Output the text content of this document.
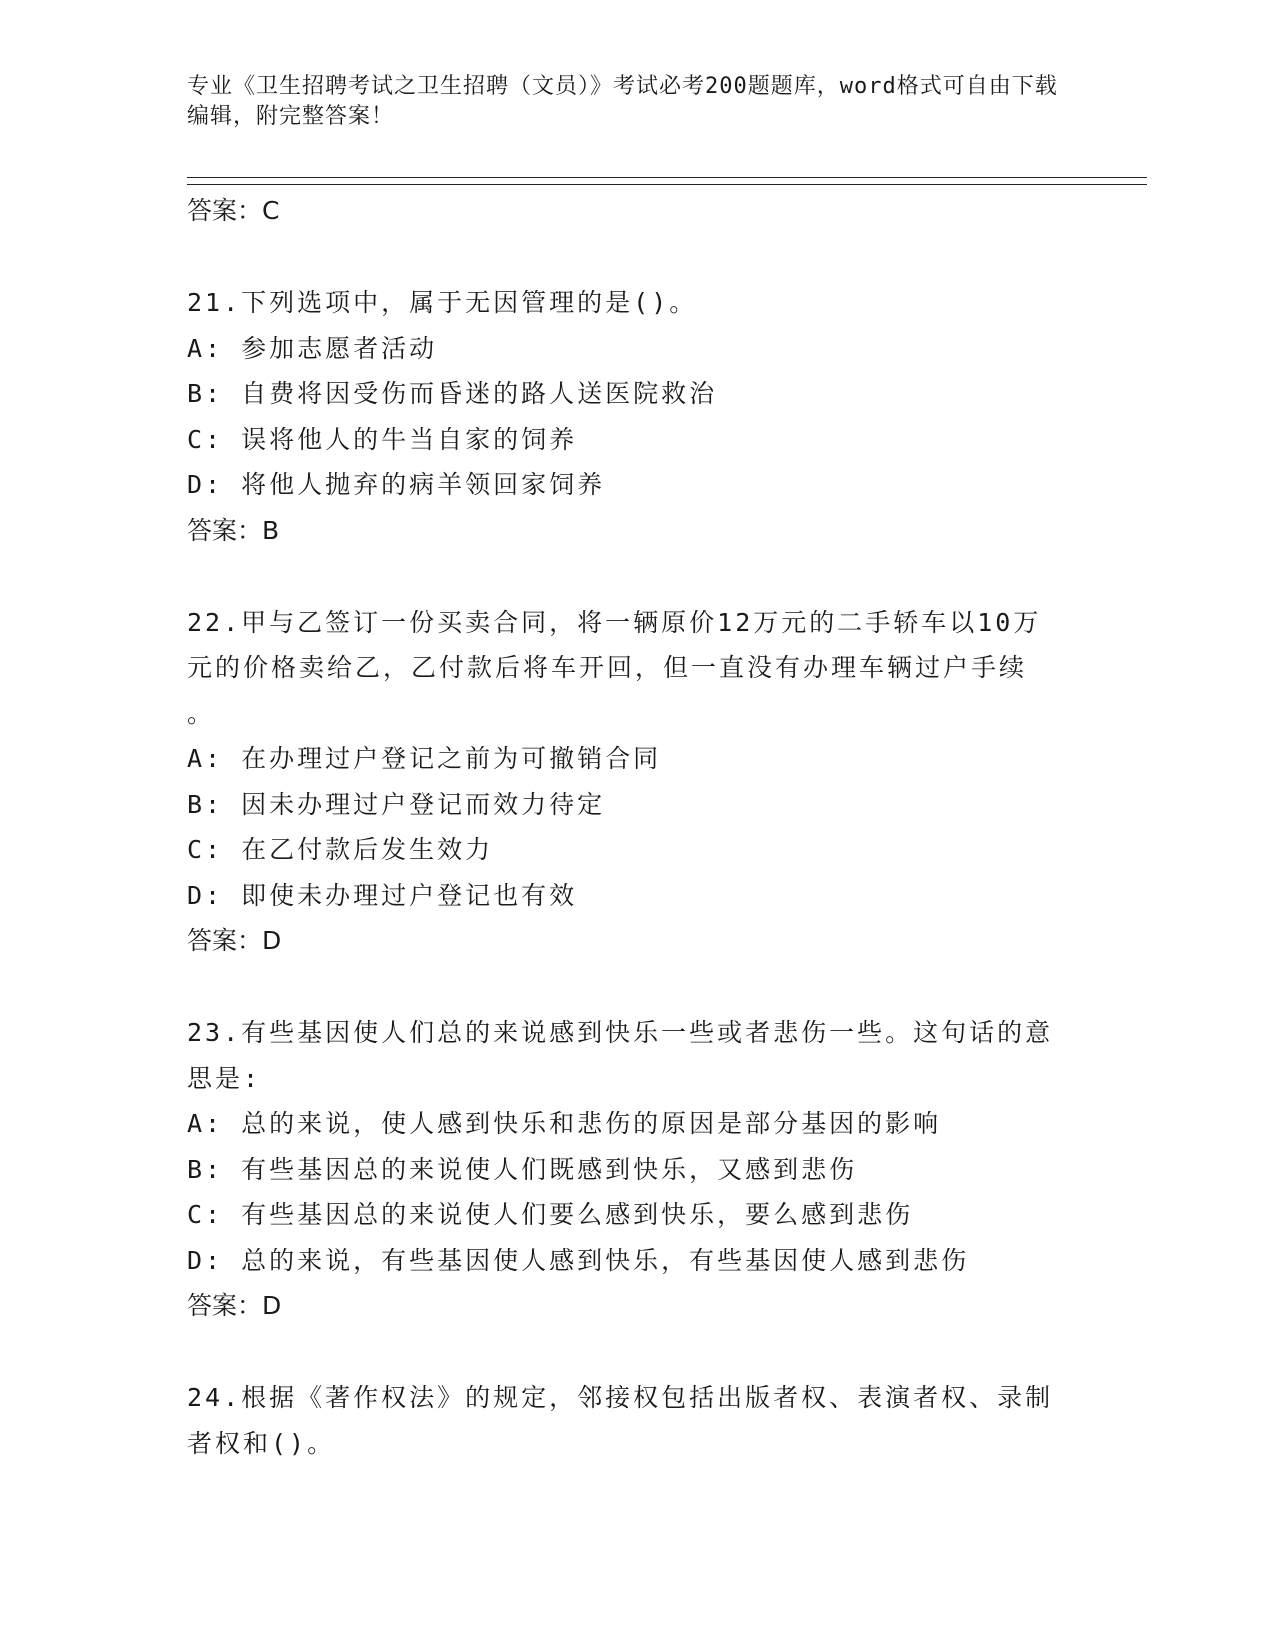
专业《卫生招聘考试之卫生招聘（文员）》考试必考200题题库，word格式可自由下载编辑，附完整答案！

答案：C
21.下列选项中，属于无因管理的是()。
A: 参加志愿者活动
B: 自费将因受伤而昏迷的路人送医院救治
C: 误将他人的牛当自家的饲养
D: 将他人抛弃的病羊领回家饲养
答案：B
22.甲与乙签订一份买卖合同，将一辆原价12万元的二手轿车以10万
元的价格卖给乙，乙付款后将车开回，但一直没有办理车辆过户手续
。
A: 在办理过户登记之前为可撤销合同
B: 因未办理过户登记而效力待定
C: 在乙付款后发生效力
D: 即使未办理过户登记也有效
答案：D
23.有些基因使人们总的来说感到快乐一些或者悲伤一些。这句话的意
思是:
A: 总的来说，使人感到快乐和悲伤的原因是部分基因的影响
B: 有些基因总的来说使人们既感到快乐，又感到悲伤
C: 有些基因总的来说使人们要么感到快乐，要么感到悲伤
D: 总的来说，有些基因使人感到快乐，有些基因使人感到悲伤
答案：D
24.根据《著作权法》的规定，邻接权包括出版者权、表演者权、录制
者权和()。
